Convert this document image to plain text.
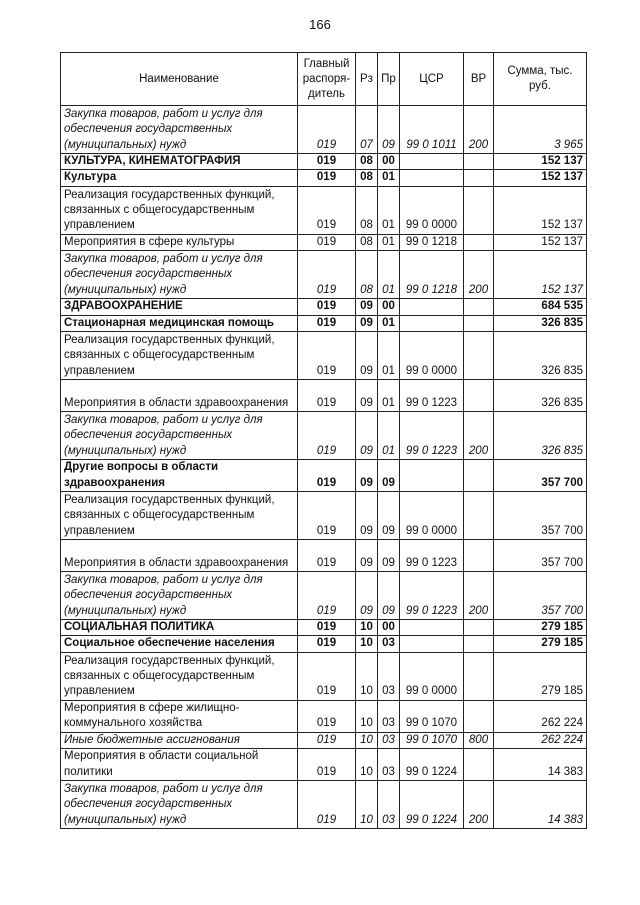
166
Наименование	Главный распоря-дитель	Рз	Пр	ЦСР	ВР	Сумма, тыс. руб.
Закупка товаров, работ и услуг для обеспечения государственных (муниципальных) нужд	019	07	09	99 0 1011	200	3 965
КУЛЬТУРА, КИНЕМАТОГРАФИЯ	019	08	00			152 137
Культура	019	08	01			152 137
Реализация государственных функций, связанных с общегосударственным управлением	019	08	01	99 0 0000		152 137
Мероприятия в сфере культуры	019	08	01	99 0 1218		152 137
Закупка товаров, работ и услуг для обеспечения государственных (муниципальных) нужд	019	08	01	99 0 1218	200	152 137
ЗДРАВООХРАНЕНИЕ	019	09	00			684 535
Стационарная медицинская помощь	019	09	01			326 835
Реализация государственных функций, связанных с общегосударственным управлением	019	09	01	99 0 0000		326 835
Мероприятия в области здравоохранения	019	09	01	99 0 1223		326 835
Закупка товаров, работ и услуг для обеспечения государственных (муниципальных) нужд	019	09	01	99 0 1223	200	326 835
Другие вопросы в области здравоохранения	019	09	09			357 700
Реализация государственных функций, связанных с общегосударственным управлением	019	09	09	99 0 0000		357 700
Мероприятия в области здравоохранения	019	09	09	99 0 1223		357 700
Закупка товаров, работ и услуг для обеспечения государственных (муниципальных) нужд	019	09	09	99 0 1223	200	357 700
СОЦИАЛЬНАЯ ПОЛИТИКА	019	10	00			279 185
Социальное обеспечение населения	019	10	03			279 185
Реализация государственных функций, связанных с общегосударственным управлением	019	10	03	99 0 0000		279 185
Мероприятия в сфере жилищно-коммунального хозяйства	019	10	03	99 0 1070		262 224
Иные бюджетные ассигнования	019	10	03	99 0 1070	800	262 224
Мероприятия в области социальной политики	019	10	03	99 0 1224		14 383
Закупка товаров, работ и услуг для обеспечения государственных (муниципальных) нужд	019	10	03	99 0 1224	200	14 383
